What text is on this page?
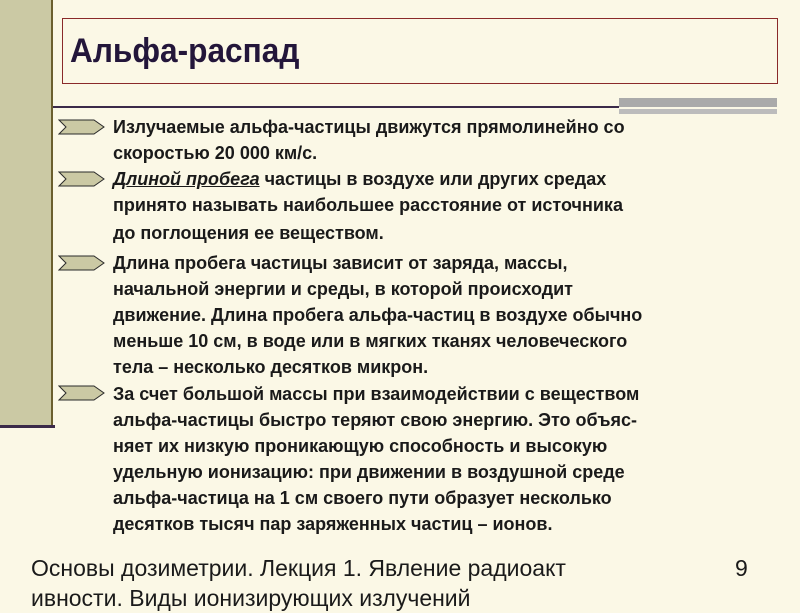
Альфа-распад
Излучаемые альфа-частицы движутся прямолинейно со
скоростью 20 000 км/с.
Длиной пробега частицы в воздухе или других средах
принято называть наибольшее расстояние от источника
до поглощения ее веществом.
Длина пробега частицы зависит от заряда, массы,
начальной энергии и среды, в которой происходит
движение. Длина пробега альфа-частиц в воздухе обычно
меньше 10 см, в воде или в мягких тканях человеческого
тела – несколько десятков микрон.
За счет большой массы при взаимодействии с веществом
альфа-частицы быстро теряют свою энергию. Это объяс-
няет их низкую проникающую способность и высокую
удельную ионизацию: при движении в воздушной среде
альфа-частица на 1 см своего пути образует несколько
десятков тысяч пар заряженных частиц – ионов.
Основы дозиметрии. Лекция 1. Явление радиоакт
ивности. Виды ионизирующих излучений
9
